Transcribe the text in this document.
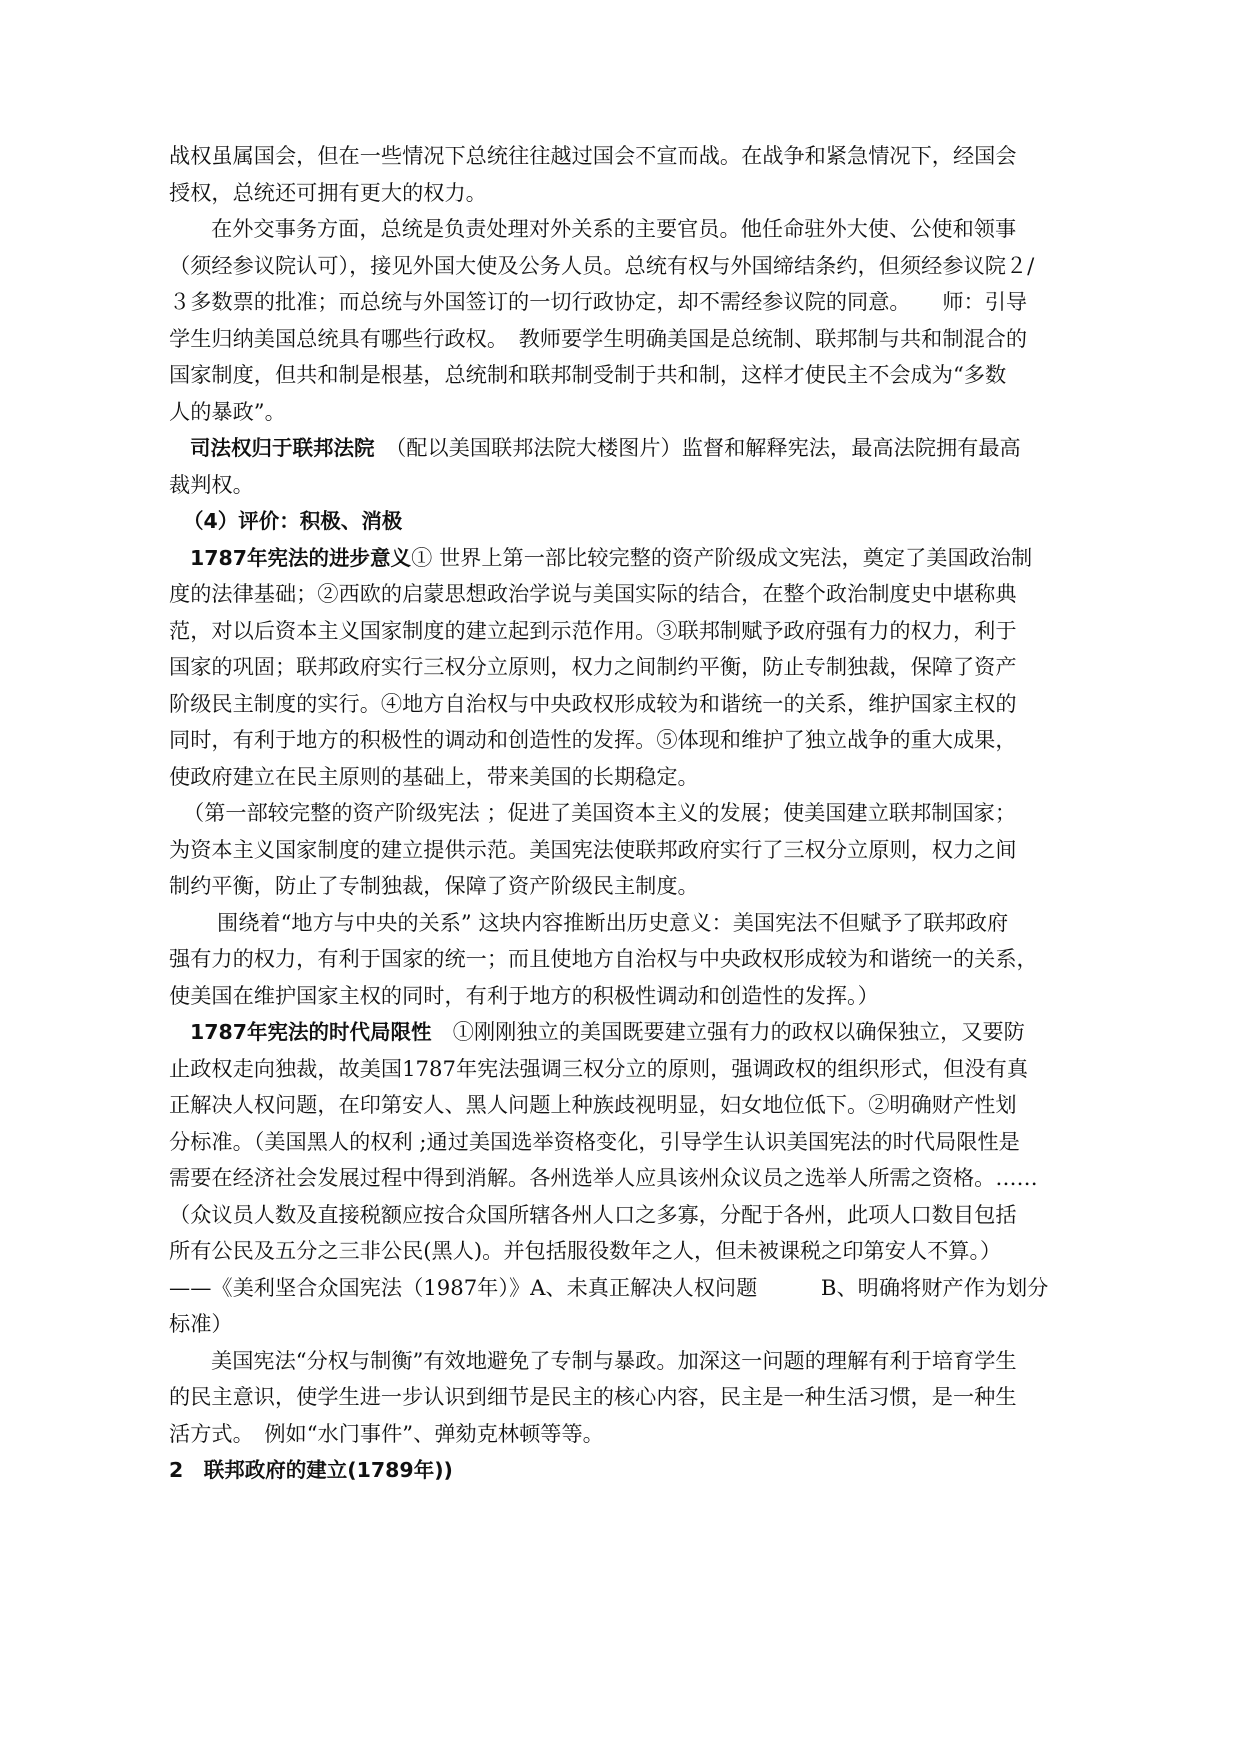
战权虽属国会，但在一些情况下总统往往越过国会不宣而战。在战争和紧急情况下，经国会

授权，总统还可拥有更大的权力。

在外交事务方面，总统是负责处理对外关系的主要官员。他任命驻外大使、公使和领事

（须经参议院认可），接见外国大使及公务人员。总统有权与外国缔结条约，但须经参议院２/

３多数票的批准；而总统与外国签订的一切行政协定，却不需经参议院的同意。　　师：引导

学生归纳美国总统具有哪些行政权。　教师要学生明确美国是总统制、联邦制与共和制混合的

国家制度，但共和制是根基，总统制和联邦制受制于共和制，这样才使民主不会成为“多数

人的暴政”。

司法权归于联邦法院　（配以美国联邦法院大楼图片）监督和解释宪法，最高法院拥有最高

裁判权。

（4）评价：积极、消极

1787年宪法的进步意义① 世界上第一部比较完整的资产阶级成文宪法，奠定了美国政治制

度的法律基础；②西欧的启蒙思想政治学说与美国实际的结合，在整个政治制度史中堪称典

范，对以后资本主义国家制度的建立起到示范作用。③联邦制赋予政府强有力的权力，利于

国家的巩固；联邦政府实行三权分立原则，权力之间制约平衡，防止专制独裁，保障了资产

阶级民主制度的实行。④地方自治权与中央政权形成较为和谐统一的关系，维护国家主权的

同时，有利于地方的积极性的调动和创造性的发挥。⑤体现和维护了独立战争的重大成果，

使政府建立在民主原则的基础上，带来美国的长期稳定。

（第一部较完整的资产阶级宪法 ；促进了美国资本主义的发展；使美国建立联邦制国家；

为资本主义国家制度的建立提供示范。美国宪法使联邦政府实行了三权分立原则，权力之间

制约平衡，防止了专制独裁，保障了资产阶级民主制度。

围绕着“地方与中央的关系” 这块内容推断出历史意义：美国宪法不但赋予了联邦政府

强有力的权力，有利于国家的统一；而且使地方自治权与中央政权形成较为和谐统一的关系，

使美国在维护国家主权的同时，有利于地方的积极性调动和创造性的发挥。）

1787年宪法的时代局限性　①刚刚独立的美国既要建立强有力的政权以确保独立，又要防

止政权走向独裁，故美国1787年宪法强调三权分立的原则，强调政权的组织形式，但没有真

正解决人权问题，在印第安人、黑人问题上种族歧视明显，妇女地位低下。②明确财产性划

分标准。（美国黑人的权利 ;通过美国选举资格变化，引导学生认识美国宪法的时代局限性是

需要在经济社会发展过程中得到消解。各州选举人应具该州众议员之选举人所需之资格。……

（众议员人数及直接税额应按合众国所辖各州人口之多寡，分配于各州，此项人口数目包括

所有公民及五分之三非公民(黑人)。并包括服役数年之人，但未被课税之印第安人不算。）

——《美利坚合众国宪法（1987年）》A、未真正解决人权问题　　　B、明确将财产作为划分

标准）

美国宪法“分权与制衡”有效地避免了专制与暴政。加深这一问题的理解有利于培育学生

的民主意识，使学生进一步认识到细节是民主的核心内容，民主是一种生活习惯，是一种生

活方式。　例如“水门事件”、弹劾克林顿等等。

2　联邦政府的建立(1789年))
